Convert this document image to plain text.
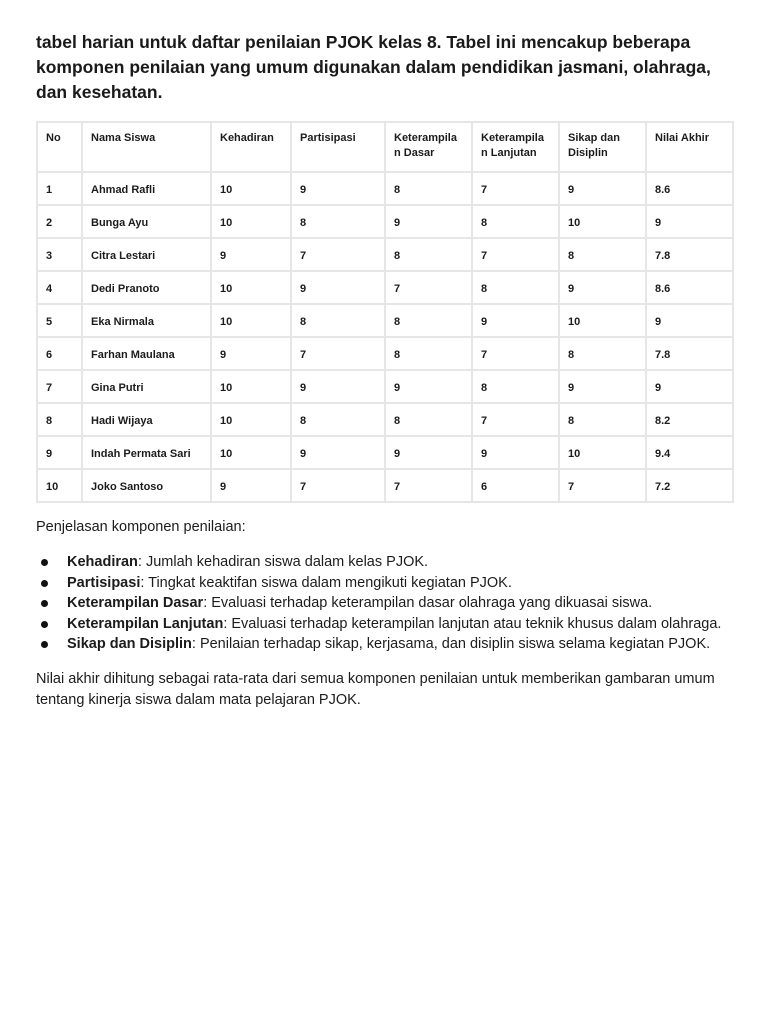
tabel harian untuk daftar penilaian PJOK kelas 8. Tabel ini mencakup beberapa komponen penilaian yang umum digunakan dalam pendidikan jasmani, olahraga, dan kesehatan.

No	Nama Siswa	Kehadiran	Partisipasi	Keterampilan Dasar	Keterampilan Lanjutan	Sikap dan Disiplin	Nilai Akhir
1	Ahmad Rafli	10	9	8	7	9	8.6
2	Bunga Ayu	10	8	9	8	10	9
3	Citra Lestari	9	7	8	7	8	7.8
4	Dedi Pranoto	10	9	7	8	9	8.6
5	Eka Nirmala	10	8	8	9	10	9
6	Farhan Maulana	9	7	8	7	8	7.8
7	Gina Putri	10	9	9	8	9	9
8	Hadi Wijaya	10	8	8	7	8	8.2
9	Indah Permata Sari	10	9	9	9	10	9.4
10	Joko Santoso	9	7	7	6	7	7.2

Penjelasan komponen penilaian:

Kehadiran: Jumlah kehadiran siswa dalam kelas PJOK.
Partisipasi: Tingkat keaktifan siswa dalam mengikuti kegiatan PJOK.
Keterampilan Dasar: Evaluasi terhadap keterampilan dasar olahraga yang dikuasai siswa.
Keterampilan Lanjutan: Evaluasi terhadap keterampilan lanjutan atau teknik khusus dalam olahraga.
Sikap dan Disiplin: Penilaian terhadap sikap, kerjasama, dan disiplin siswa selama kegiatan PJOK.

Nilai akhir dihitung sebagai rata-rata dari semua komponen penilaian untuk memberikan gambaran umum tentang kinerja siswa dalam mata pelajaran PJOK.
